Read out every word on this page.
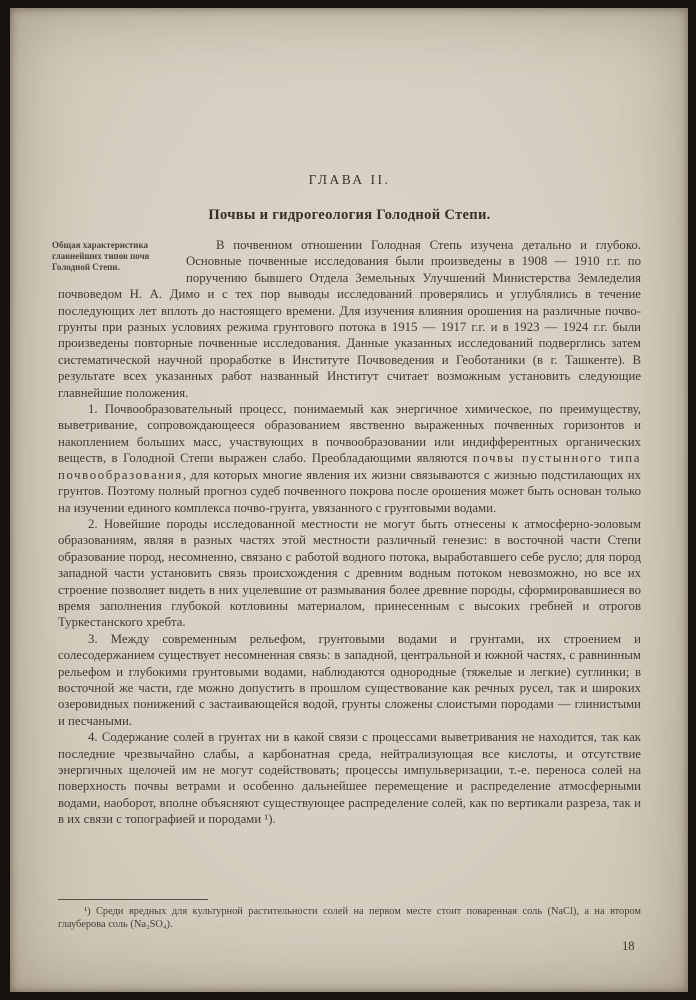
ГЛАВА II.
Почвы и гидрогеология Голодной Степи.

Общая характеристика главнейших типов почв Голодной Степи.
В почвенном отношении Голодная Степь изучена детально и глубоко. Основные почвенные исследования были произведены в 1908 — 1910 г.г. по поручению бывшего Отдела Земельных Улучшений Министерства Земледелия почвоведом Н. А. Димо и с тех пор выводы исследований проверялись и углублялись в течение последующих лет вплоть до настоящего времени. Для изучения влияния орошения на различные почво-грунты при разных условиях режима грунтового потока в 1915 — 1917 г.г. и в 1923 — 1924 г.г. были произведены повторные почвенные исследования. Данные указанных исследований подверглись затем систематической научной проработке в Институте Почвоведения и Геоботаники (в г. Ташкенте). В результате всех указанных работ названный Институт считает возможным установить следующие главнейшие положения.

1. Почвообразовательный процесс, понимаемый как энергичное химическое, по преимуществу, выветривание, сопровождающееся образованием явственно выраженных почвенных горизонтов и накоплением больших масс, участвующих в почвообразовании или индифферентных органических веществ, в Голодной Степи выражен слабо. Преобладающими являются почвы пустынного типа почвообразования, для которых многие явления их жизни связываются с жизнью подстилающих их грунтов. Поэтому полный прогноз судеб почвенного покрова после орошения может быть основан только на изучении единого комплекса почво-грунта, увязанного с грунтовыми водами.

2. Новейшие породы исследованной местности не могут быть отнесены к атмосферно-эоловым образованиям, являя в разных частях этой местности различный генезис: в восточной части Степи образование пород, несомненно, связано с работой водного потока, выработавшего себе русло; для пород западной части установить связь происхождения с древним водным потоком невозможно, но все их строение позволяет видеть в них уцелевшие от размывания более древние породы, сформировавшиеся во время заполнения глубокой котловины материалом, принесенным с высоких гребней и отрогов Туркестанского хребта.

3. Между современным рельефом, грунтовыми водами и грунтами, их строением и солесодержанием существует несомненная связь: в западной, центральной и южной частях, с равнинным рельефом и глубокими грунтовыми водами, наблюдаются однородные (тяжелые и легкие) суглинки; в восточной же части, где можно допустить в прошлом существование как речных русел, так и широких озеровидных понижений с застаивающейся водой, грунты сложены слоистыми породами — глинистыми и песчаными.

4. Содержание солей в грунтах ни в какой связи с процессами выветривания не находится, так как последние чрезвычайно слабы, а карбонатная среда, нейтрализующая все кислоты, и отсутствие энергичных щелочей им не могут содействовать; процессы импульверизации, т.-е. переноса солей на поверхность почвы ветрами и особенно дальнейшее перемещение и распределение атмосферными водами, наоборот, вполне объясняют существующее распределение солей, как по вертикали разреза, так и в их связи с топографией и породами ¹).

¹) Среди вредных для культурной растительности солей на первом месте стоит поваренная соль (NaCl), а на втором глауберова соль (Na₂SO₄).

18
